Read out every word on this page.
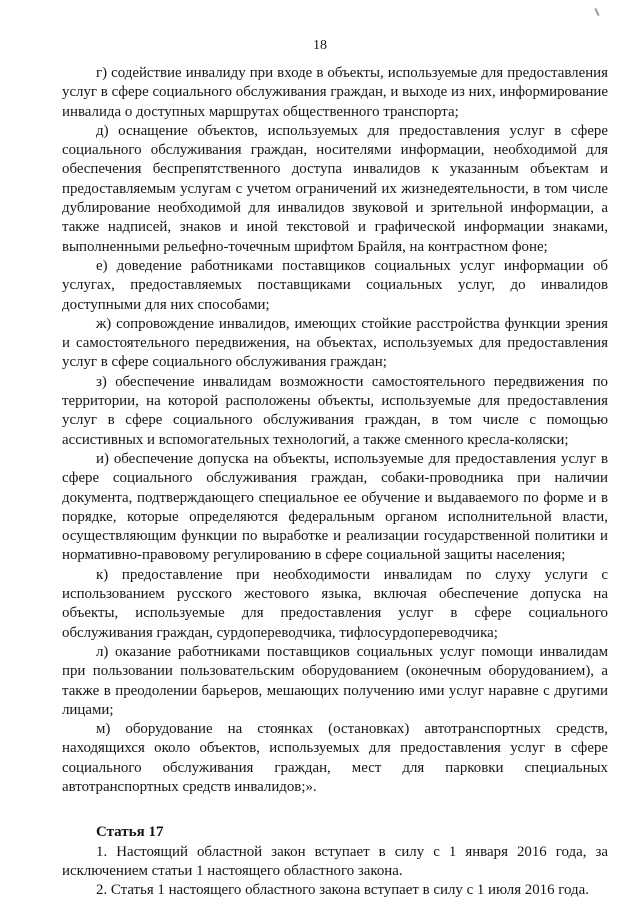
18

г) содействие инвалиду при входе в объекты, используемые для предоставления услуг в сфере социального обслуживания граждан, и выходе из них, информирование инвалида о доступных маршрутах общественного транспорта;

д) оснащение объектов, используемых для предоставления услуг в сфере социального обслуживания граждан, носителями информации, необходимой для обеспечения беспрепятственного доступа инвалидов к указанным объектам и предоставляемым услугам с учетом ограничений их жизнедеятельности, в том числе дублирование необходимой для инвалидов звуковой и зрительной информации, а также надписей, знаков и иной текстовой и графической информации знаками, выполненными рельефно-точечным шрифтом Брайля, на контрастном фоне;

е) доведение работниками поставщиков социальных услуг информации об услугах, предоставляемых поставщиками социальных услуг, до инвалидов доступными для них способами;

ж) сопровождение инвалидов, имеющих стойкие расстройства функции зрения и самостоятельного передвижения, на объектах, используемых для предоставления услуг в сфере социального обслуживания граждан;

з) обеспечение инвалидам возможности самостоятельного передвижения по территории, на которой расположены объекты, используемые для предоставления услуг в сфере социального обслуживания граждан, в том числе с помощью ассистивных и вспомогательных технологий, а также сменного кресла-коляски;

и) обеспечение допуска на объекты, используемые для предоставления услуг в сфере социального обслуживания граждан, собаки-проводника при наличии документа, подтверждающего специальное ее обучение и выдаваемого по форме и в порядке, которые определяются федеральным органом исполнительной власти, осуществляющим функции по выработке и реализации государственной политики и нормативно-правовому регулированию в сфере социальной защиты населения;

к) предоставление при необходимости инвалидам по слуху услуги с использованием русского жестового языка, включая обеспечение допуска на объекты, используемые для предоставления услуг в сфере социального обслуживания граждан, сурдопереводчика, тифлосурдопереводчика;

л) оказание работниками поставщиков социальных услуг помощи инвалидам при пользовании пользовательским оборудованием (оконечным оборудованием), а также в преодолении барьеров, мешающих получению ими услуг наравне с другими лицами;

м) оборудование на стоянках (остановках) автотранспортных средств, находящихся около объектов, используемых для предоставления услуг в сфере социального обслуживания граждан, мест для парковки специальных автотранспортных средств инвалидов;».

Статья 17

1. Настоящий областной закон вступает в силу с 1 января 2016 года, за исключением статьи 1 настоящего областного закона.

2. Статья 1 настоящего областного закона вступает в силу с 1 июля 2016 года.
